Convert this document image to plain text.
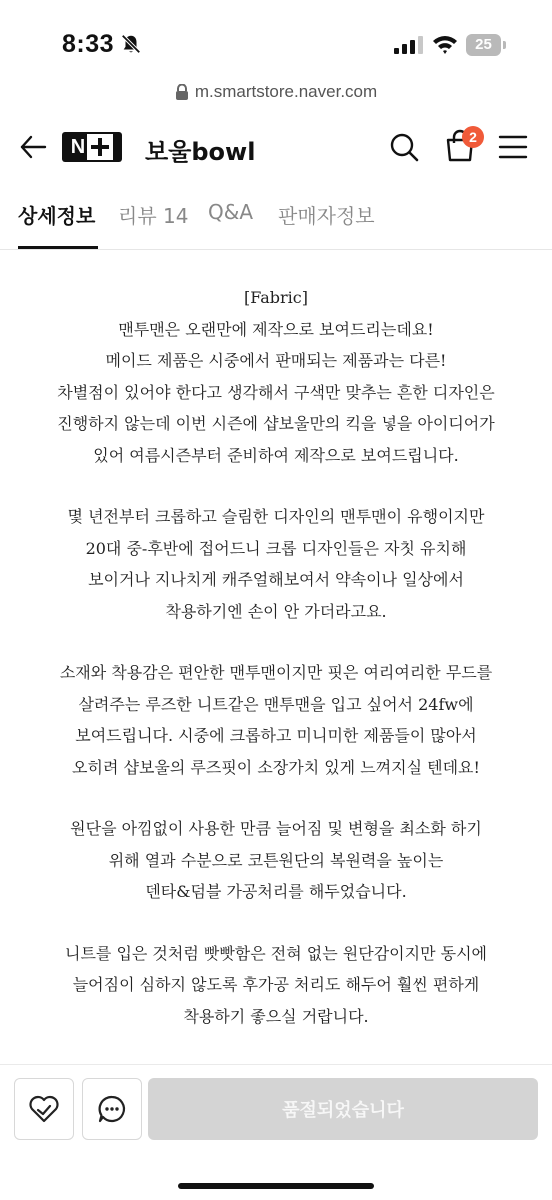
8:33	25
m.smartstore.naver.com
N 보울bowl
2
상세정보 리뷰 14 Q&A 판매자정보
[Fabric]
맨투맨은 오랜만에 제작으로 보여드리는데요!
메이드 제품은 시중에서 판매되는 제품과는 다른!
차별점이 있어야 한다고 생각해서 구색만 맞추는 흔한 디자인은
진행하지 않는데 이번 시즌에 샵보울만의 킥을 넣을 아이디어가
있어 여름시즌부터 준비하여 제작으로 보여드립니다.
몇 년전부터 크롭하고 슬림한 디자인의 맨투맨이 유행이지만
20대 중-후반에 접어드니 크롭 디자인들은 자칫 유치해
보이거나 지나치게 캐주얼해보여서 약속이나 일상에서
착용하기엔 손이 안 가더라고요.
소재와 착용감은 편안한 맨투맨이지만 핏은 여리여리한 무드를
살려주는 루즈한 니트같은 맨투맨을 입고 싶어서 24fw에
보여드립니다. 시중에 크롭하고 미니미한 제품들이 많아서
오히려 샵보울의 루즈핏이 소장가치 있게 느껴지실 텐데요!
원단을 아낌없이 사용한 만큼 늘어짐 및 변형을 최소화 하기
위해 열과 수분으로 코튼원단의 복원력을 높이는
덴타&덤블 가공처리를 해두었습니다.
니트를 입은 것처럼 빳빳함은 전혀 없는 원단감이지만 동시에
늘어짐이 심하지 않도록 후가공 처리도 해두어 훨씬 편하게
착용하기 좋으실 거랍니다.
품절되었습니다
